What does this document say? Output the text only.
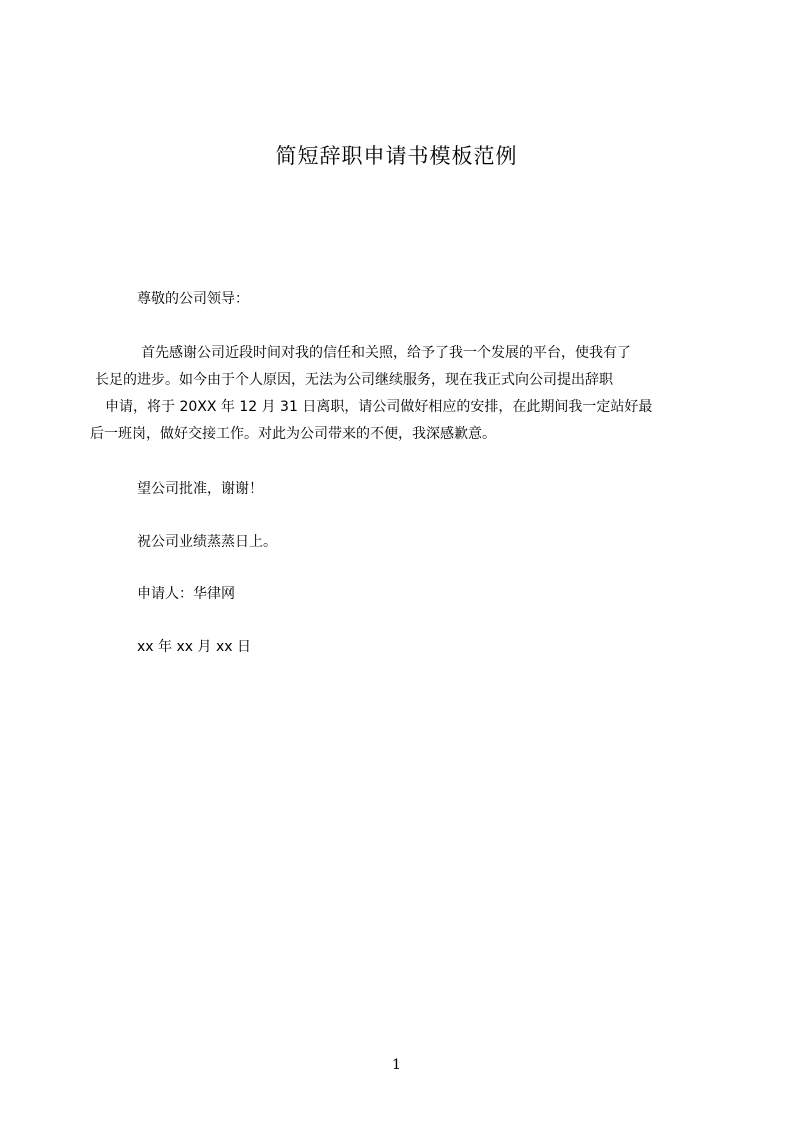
简短辞职申请书模板范例
尊敬的公司领导：
首先感谢公司近段时间对我的信任和关照，给予了我一个发展的平台，使我有了
长足的进步。如今由于个人原因，无法为公司继续服务，现在我正式向公司提出辞职
申请，将于 20XX 年 12 月 31 日离职，请公司做好相应的安排，在此期间我一定站好最
后一班岗，做好交接工作。对此为公司带来的不便，我深感歉意。
望公司批准，谢谢！
祝公司业绩蒸蒸日上。
申请人：华律网
xx 年 xx 月 xx 日
1
